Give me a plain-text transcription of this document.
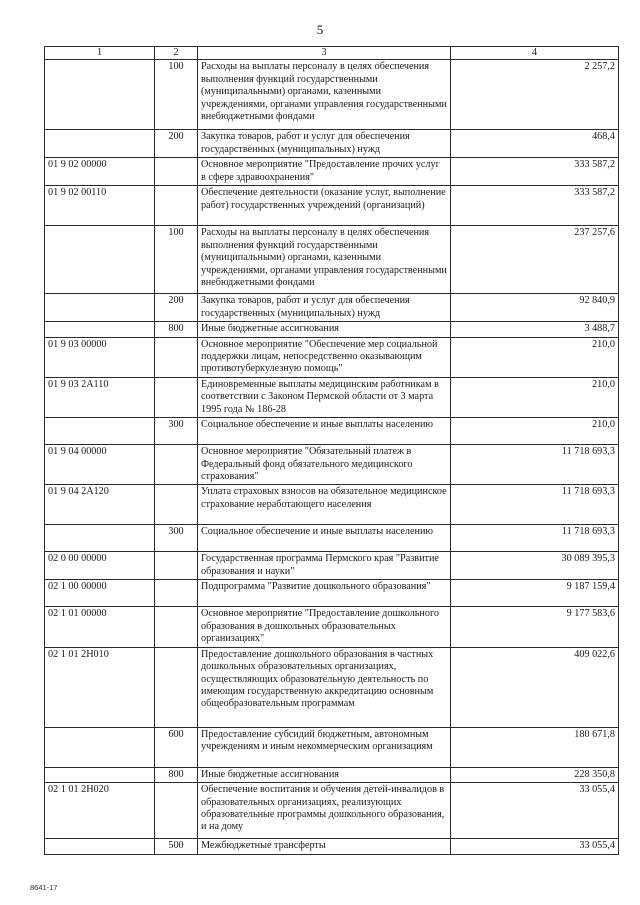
5
1	2	3	4
	100	Расходы на выплаты персоналу в целях обеспечения выполнения функций государственными (муниципальными) органами, казенными учреждениями, органами управления государственными внебюджетными фондами	2 257,2
	200	Закупка товаров, работ и услуг для обеспечения государственных (муниципальных) нужд	468,4
01 9 02 00000		Основное мероприятие "Предоставление прочих услуг в сфере здравоохранения"	333 587,2
01 9 02 00110		Обеспечение деятельности (оказание услуг, выполнение работ) государственных учреждений (организаций)	333 587,2
	100	Расходы на выплаты персоналу в целях обеспечения выполнения функций государственными (муниципальными) органами, казенными учреждениями, органами управления государственными внебюджетными фондами	237 257,6
	200	Закупка товаров, работ и услуг для обеспечения государственных (муниципальных) нужд	92 840,9
	800	Иные бюджетные ассигнования	3 488,7
01 9 03 00000		Основное мероприятие "Обеспечение мер социальной поддержки лицам, непосредственно оказывающим противотуберкулезную помощь"	210,0
01 9 03 2А110		Единовременные выплаты медицинским работникам в соответствии с Законом Пермской области от 3 марта 1995 года № 186-28	210,0
	300	Социальное обеспечение и иные выплаты населению	210,0
01 9 04 00000		Основное мероприятие "Обязательный платеж в Федеральный фонд обязательного медицинского страхования"	11 718 693,3
01 9 04 2А120		Уплата страховых взносов на обязательное медицинское страхование неработающего населения	11 718 693,3
	300	Социальное обеспечение и иные выплаты населению	11 718 693,3
02 0 00 00000		Государственная программа Пермского края "Развитие образования и науки"	30 089 395,3
02 1 00 00000		Подпрограмма "Развитие дошкольного образования"	9 187 159,4
02 1 01 00000		Основное мероприятие "Предоставление дошкольного образования в дошкольных образовательных организациях"	9 177 583,6
02 1 01 2Н010		Предоставление дошкольного образования в частных дошкольных образовательных организациях, осуществляющих образовательную деятельность по имеющим государственную аккредитацию основным общеобразовательным программам	409 022,6
	600	Предоставление субсидий бюджетным, автономным учреждениям и иным некоммерческим организациям	180 671,8
	800	Иные бюджетные ассигнования	228 350,8
02 1 01 2Н020		Обеспечение воспитания и обучения детей-инвалидов в образовательных организациях, реализующих образовательные программы дошкольного образования, и на дому	33 055,4
	500	Межбюджетные трансферты	33 055,4
8641-17
